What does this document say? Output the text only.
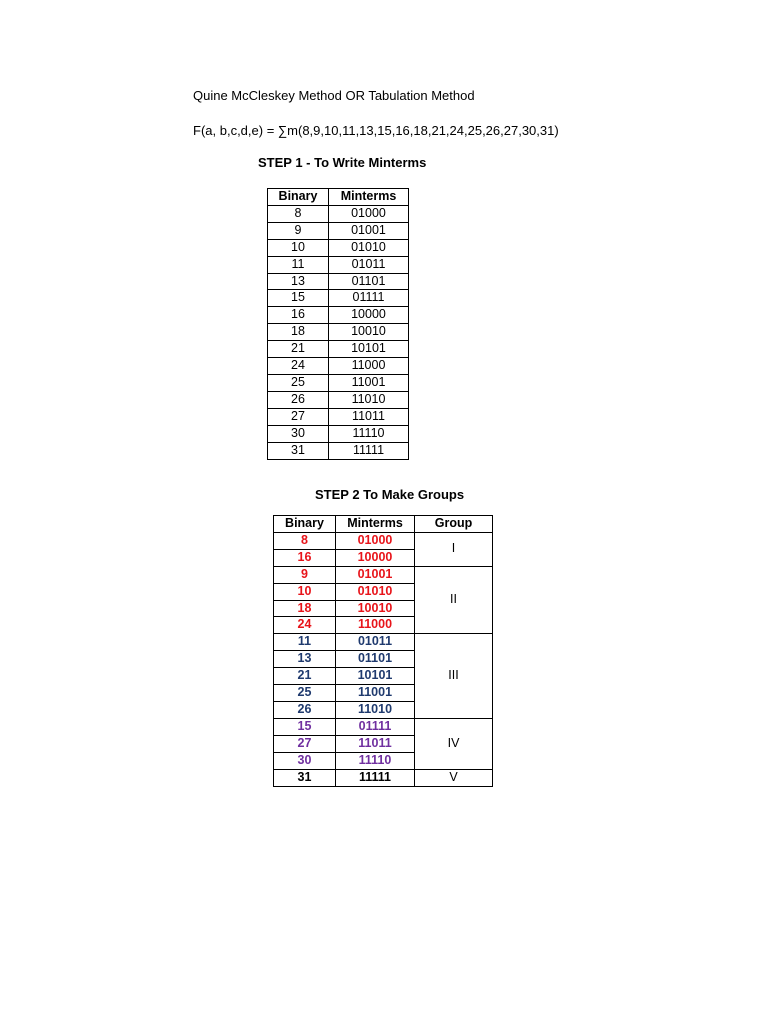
Quine McCleskey Method OR Tabulation Method
F(a, b,c,d,e) = ∑m(8,9,10,11,13,15,16,18,21,24,25,26,27,30,31)
STEP 1 - To Write Minterms
Binary	Minterms
8	01000
9	01001
10	01010
11	01011
13	01101
15	01111
16	10000
18	10010
21	10101
24	11000
25	11001
26	11010
27	11011
30	11110
31	11111
STEP 2 To Make Groups
Binary	Minterms	Group
8	01000	I
16	10000	
9	01001	II
10	01010	
18	10010	
24	11000	
11	01011	III
13	01101	
21	10101	
25	11001	
26	11010	
15	01111	IV
27	11011	
30	11110	
31	11111	V
